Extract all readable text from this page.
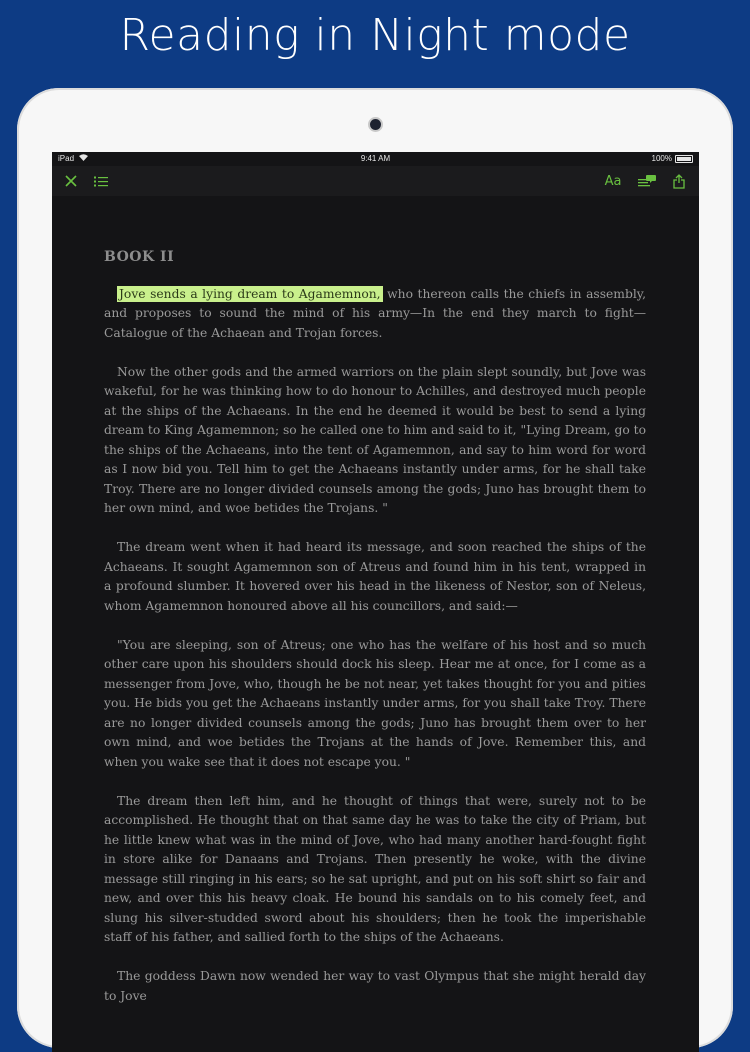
Reading in Night mode
iPad	9:41 AM	100%
Aa
BOOK II

Jove sends a lying dream to Agamemnon, who thereon calls the chiefs in assembly, and proposes to sound the mind of his army—In the end they march to fight—Catalogue of the Achaean and Trojan forces.

Now the other gods and the armed warriors on the plain slept soundly, but Jove was wakeful, for he was thinking how to do honour to Achilles, and destroyed much people at the ships of the Achaeans. In the end he deemed it would be best to send a lying dream to King Agamemnon; so he called one to him and said to it, "Lying Dream, go to the ships of the Achaeans, into the tent of Agamemnon, and say to him word for word as I now bid you. Tell him to get the Achaeans instantly under arms, for he shall take Troy. There are no longer divided counsels among the gods; Juno has brought them to her own mind, and woe betides the Trojans. "

The dream went when it had heard its message, and soon reached the ships of the Achaeans. It sought Agamemnon son of Atreus and found him in his tent, wrapped in a profound slumber. It hovered over his head in the likeness of Nestor, son of Neleus, whom Agamemnon honoured above all his councillors, and said:—

"You are sleeping, son of Atreus; one who has the welfare of his host and so much other care upon his shoulders should dock his sleep. Hear me at once, for I come as a messenger from Jove, who, though he be not near, yet takes thought for you and pities you. He bids you get the Achaeans instantly under arms, for you shall take Troy. There are no longer divided counsels among the gods; Juno has brought them over to her own mind, and woe betides the Trojans at the hands of Jove. Remember this, and when you wake see that it does not escape you. "

The dream then left him, and he thought of things that were, surely not to be accomplished. He thought that on that same day he was to take the city of Priam, but he little knew what was in the mind of Jove, who had many another hard-fought fight in store alike for Danaans and Trojans. Then presently he woke, with the divine message still ringing in his ears; so he sat upright, and put on his soft shirt so fair and new, and over this his heavy cloak. He bound his sandals on to his comely feet, and slung his silver-studded sword about his shoulders; then he took the imperishable staff of his father, and sallied forth to the ships of the Achaeans.

The goddess Dawn now wended her way to vast Olympus that she might herald day to Jove
